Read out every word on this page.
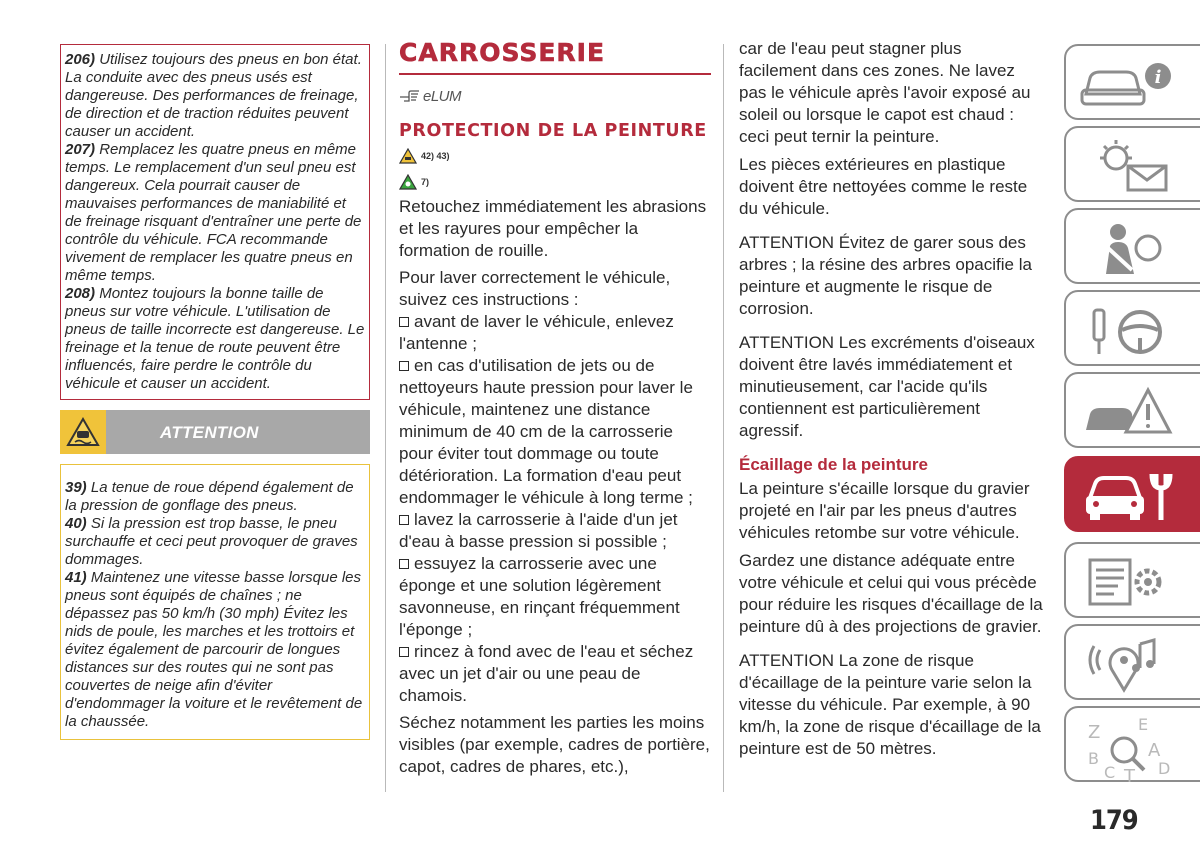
206) Utilisez toujours des pneus en bon état. La conduite avec des pneus usés est dangereuse. Des performances de freinage, de direction et de traction réduites peuvent causer un accident.

207) Remplacez les quatre pneus en même temps. Le remplacement d'un seul pneu est dangereux. Cela pourrait causer de mauvaises performances de maniabilité et de freinage risquant d'entraîner une perte de contrôle du véhicule. FCA recommande vivement de remplacer les quatre pneus en même temps.

208) Montez toujours la bonne taille de pneus sur votre véhicule. L'utilisation de pneus de taille incorrecte est dangereuse. Le freinage et la tenue de route peuvent être influencés, faire perdre le contrôle du véhicule et causer un accident.

ATTENTION

39) La tenue de roue dépend également de la pression de gonflage des pneus.

40) Si la pression est trop basse, le pneu surchauffe et ceci peut provoquer de graves dommages.

41) Maintenez une vitesse basse lorsque les pneus sont équipés de chaînes ; ne dépassez pas 50 km/h (30 mph) Évitez les nids de poule, les marches et les trottoirs et évitez également de parcourir de longues distances sur des routes qui ne sont pas couvertes de neige afin d'éviter d'endommager la voiture et le revêtement de la chaussée.

CARROSSERIE
eLUM
PROTECTION DE LA PEINTURE
42) 43)
7)

Retouchez immédiatement les abrasions et les rayures pour empêcher la formation de rouille.

Pour laver correctement le véhicule, suivez ces instructions :

avant de laver le véhicule, enlevez l'antenne ;
en cas d'utilisation de jets ou de nettoyeurs haute pression pour laver le véhicule, maintenez une distance minimum de 40 cm de la carrosserie pour éviter tout dommage ou toute détérioration. La formation d'eau peut endommager le véhicule à long terme ;
lavez la carrosserie à l'aide d'un jet d'eau à basse pression si possible ;
essuyez la carrosserie avec une éponge et une solution légèrement savonneuse, en rinçant fréquemment l'éponge ;
rincez à fond avec de l'eau et séchez avec un jet d'air ou une peau de chamois.

Séchez notamment les parties les moins visibles (par exemple, cadres de portière, capot, cadres de phares, etc.),

car de l'eau peut stagner plus facilement dans ces zones. Ne lavez pas le véhicule après l'avoir exposé au soleil ou lorsque le capot est chaud : ceci peut ternir la peinture.

Les pièces extérieures en plastique doivent être nettoyées comme le reste du véhicule.

ATTENTION Évitez de garer sous des arbres ; la résine des arbres opacifie la peinture et augmente le risque de corrosion.

ATTENTION Les excréments d'oiseaux doivent être lavés immédiatement et minutieusement, car l'acide qu'ils contiennent est particulièrement agressif.

Écaillage de la peinture

La peinture s'écaille lorsque du gravier projeté en l'air par les pneus d'autres véhicules retombe sur votre véhicule.

Gardez une distance adéquate entre votre véhicule et celui qui vous précède pour réduire les risques d'écaillage de la peinture dû à des projections de gravier.

ATTENTION La zone de risque d'écaillage de la peinture varie selon la vitesse du véhicule. Par exemple, à 90 km/h, la zone de risque d'écaillage de la peinture est de 50 mètres.

i
Z E
B	A
C T D
179
